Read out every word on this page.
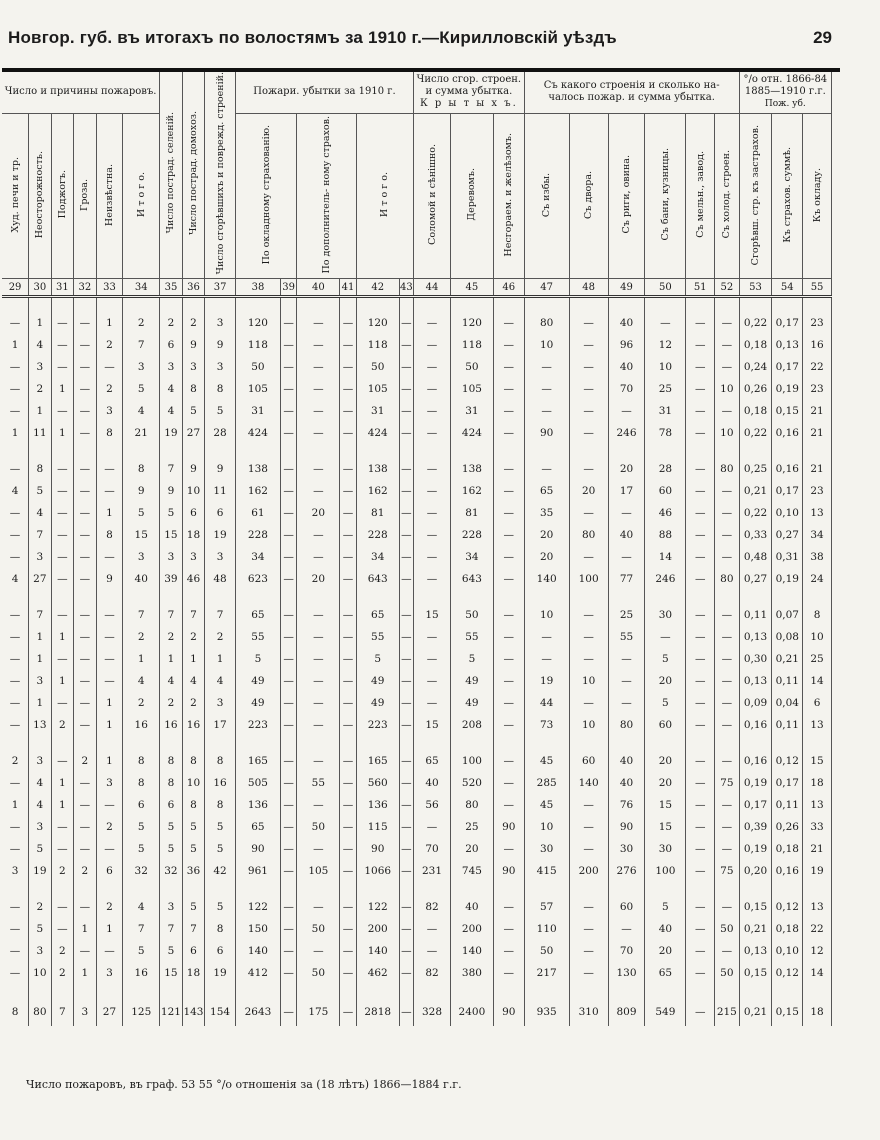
Новгор. губ. въ итогахъ по волостямъ за 1910 г.—Кирилловскій уѣздъ	29
Число и причины пожаровъ.						Число пострад. селеній.	Число пострад. домохоз.	Число сгорѣвшихъ и поврежд. строеній.	Пожари. убытки за 1910 г.						Число сгор. строен. и сумма убытка.
К р ы т ы х ъ.			Съ какого строенія и сколько на- чалось пожар. и сумма убытка.						°/о отн. 1866-84 1885—1910 г.г.
Пож. уб.		
Худ. печи и тр.	Неосторожность.	Поджогъ.	Гроза.	Неизвѣстна.	И т о г о.				По окладному страхованію.		По дополнитель- ному страхов.		И т о г о.		Соломой и сѣнішно.	Деревомъ.	Несгораем. и желѣзомъ.	Съ избы.	Съ двора.	Съ риги, овина.	Съ бани, кузницы.	Съ мельн., завод.	Съ холод. строен.	Сгорѣвш. стр. къ застрахов.	Къ страхов. суммѣ.	Къ окладу.
29	30	31	32	33	34	35	36	37	38	39	40	41	42	43	44	45	46	47	48	49	50	51	52	53	54	55

—	1	—	—	1	2	2	2	3	120	—	—	—	120	—	—	120	—	80	—	40	—	—	—	0,22	0,17	23
1	4	—	—	2	7	6	9	9	118	—	—	—	118	—	—	118	—	10	—	96	12	—	—	0,18	0,13	16
—	3	—	—	—	3	3	3	3	50	—	—	—	50	—	—	50	—	—	—	40	10	—	—	0,24	0,17	22
—	2	1	—	2	5	4	8	8	105	—	—	—	105	—	—	105	—	—	—	70	25	—	10	0,26	0,19	23
—	1	—	—	3	4	4	5	5	31	—	—	—	31	—	—	31	—	—	—	—	31	—	—	0,18	0,15	21
1	11	1	—	8	21	19	27	28	424	—	—	—	424	—	—	424	—	90	—	246	78	—	10	0,22	0,16	21

—	8	—	—	—	8	7	9	9	138	—	—	—	138	—	—	138	—	—	—	20	28	—	80	0,25	0,16	21
4	5	—	—	—	9	9	10	11	162	—	—	—	162	—	—	162	—	65	20	17	60	—	—	0,21	0,17	23
—	4	—	—	1	5	5	6	6	61	—	20	—	81	—	—	81	—	35	—	—	46	—	—	0,22	0,10	13
—	7	—	—	8	15	15	18	19	228	—	—	—	228	—	—	228	—	20	80	40	88	—	—	0,33	0,27	34
—	3	—	—	—	3	3	3	3	34	—	—	—	34	—	—	34	—	20	—	—	14	—	—	0,48	0,31	38
4	27	—	—	9	40	39	46	48	623	—	20	—	643	—	—	643	—	140	100	77	246	—	80	0,27	0,19	24

—	7	—	—	—	7	7	7	7	65	—	—	—	65	—	15	50	—	10	—	25	30	—	—	0,11	0,07	8
—	1	1	—	—	2	2	2	2	55	—	—	—	55	—	—	55	—	—	—	55	—	—	—	0,13	0,08	10
—	1	—	—	—	1	1	1	1	5	—	—	—	5	—	—	5	—	—	—	—	5	—	—	0,30	0,21	25
—	3	1	—	—	4	4	4	4	49	—	—	—	49	—	—	49	—	19	10	—	20	—	—	0,13	0,11	14
—	1	—	—	1	2	2	2	3	49	—	—	—	49	—	—	49	—	44	—	—	5	—	—	0,09	0,04	6
—	13	2	—	1	16	16	16	17	223	—	—	—	223	—	15	208	—	73	10	80	60	—	—	0,16	0,11	13

2	3	—	2	1	8	8	8	8	165	—	—	—	165	—	65	100	—	45	60	40	20	—	—	0,16	0,12	15
—	4	1	—	3	8	8	10	16	505	—	55	—	560	—	40	520	—	285	140	40	20	—	75	0,19	0,17	18
1	4	1	—	—	6	6	8	8	136	—	—	—	136	—	56	80	—	45	—	76	15	—	—	0,17	0,11	13
—	3	—	—	2	5	5	5	5	65	—	50	—	115	—	—	25	90	10	—	90	15	—	—	0,39	0,26	33
—	5	—	—	—	5	5	5	5	90	—	—	—	90	—	70	20	—	30	—	30	30	—	—	0,19	0,18	21
3	19	2	2	6	32	32	36	42	961	—	105	—	1066	—	231	745	90	415	200	276	100	—	75	0,20	0,16	19

—	2	—	—	2	4	3	5	5	122	—	—	—	122	—	82	40	—	57	—	60	5	—	—	0,15	0,12	13
—	5	—	1	1	7	7	7	8	150	—	50	—	200	—	—	200	—	110	—	—	40	—	50	0,21	0,18	22
—	3	2	—	—	5	5	6	6	140	—	—	—	140	—	—	140	—	50	—	70	20	—	—	0,13	0,10	12
—	10	2	1	3	16	15	18	19	412	—	50	—	462	—	82	380	—	217	—	130	65	—	50	0,15	0,12	14

8	80	7	3	27	125	121	143	154	2643	—	175	—	2818	—	328	2400	90	935	310	809	549	—	215	0,21	0,15	18
Число пожаровъ, въ граф. 53 55 °/о отношенія за (18 лѣтъ) 1866—1884 г.г.
